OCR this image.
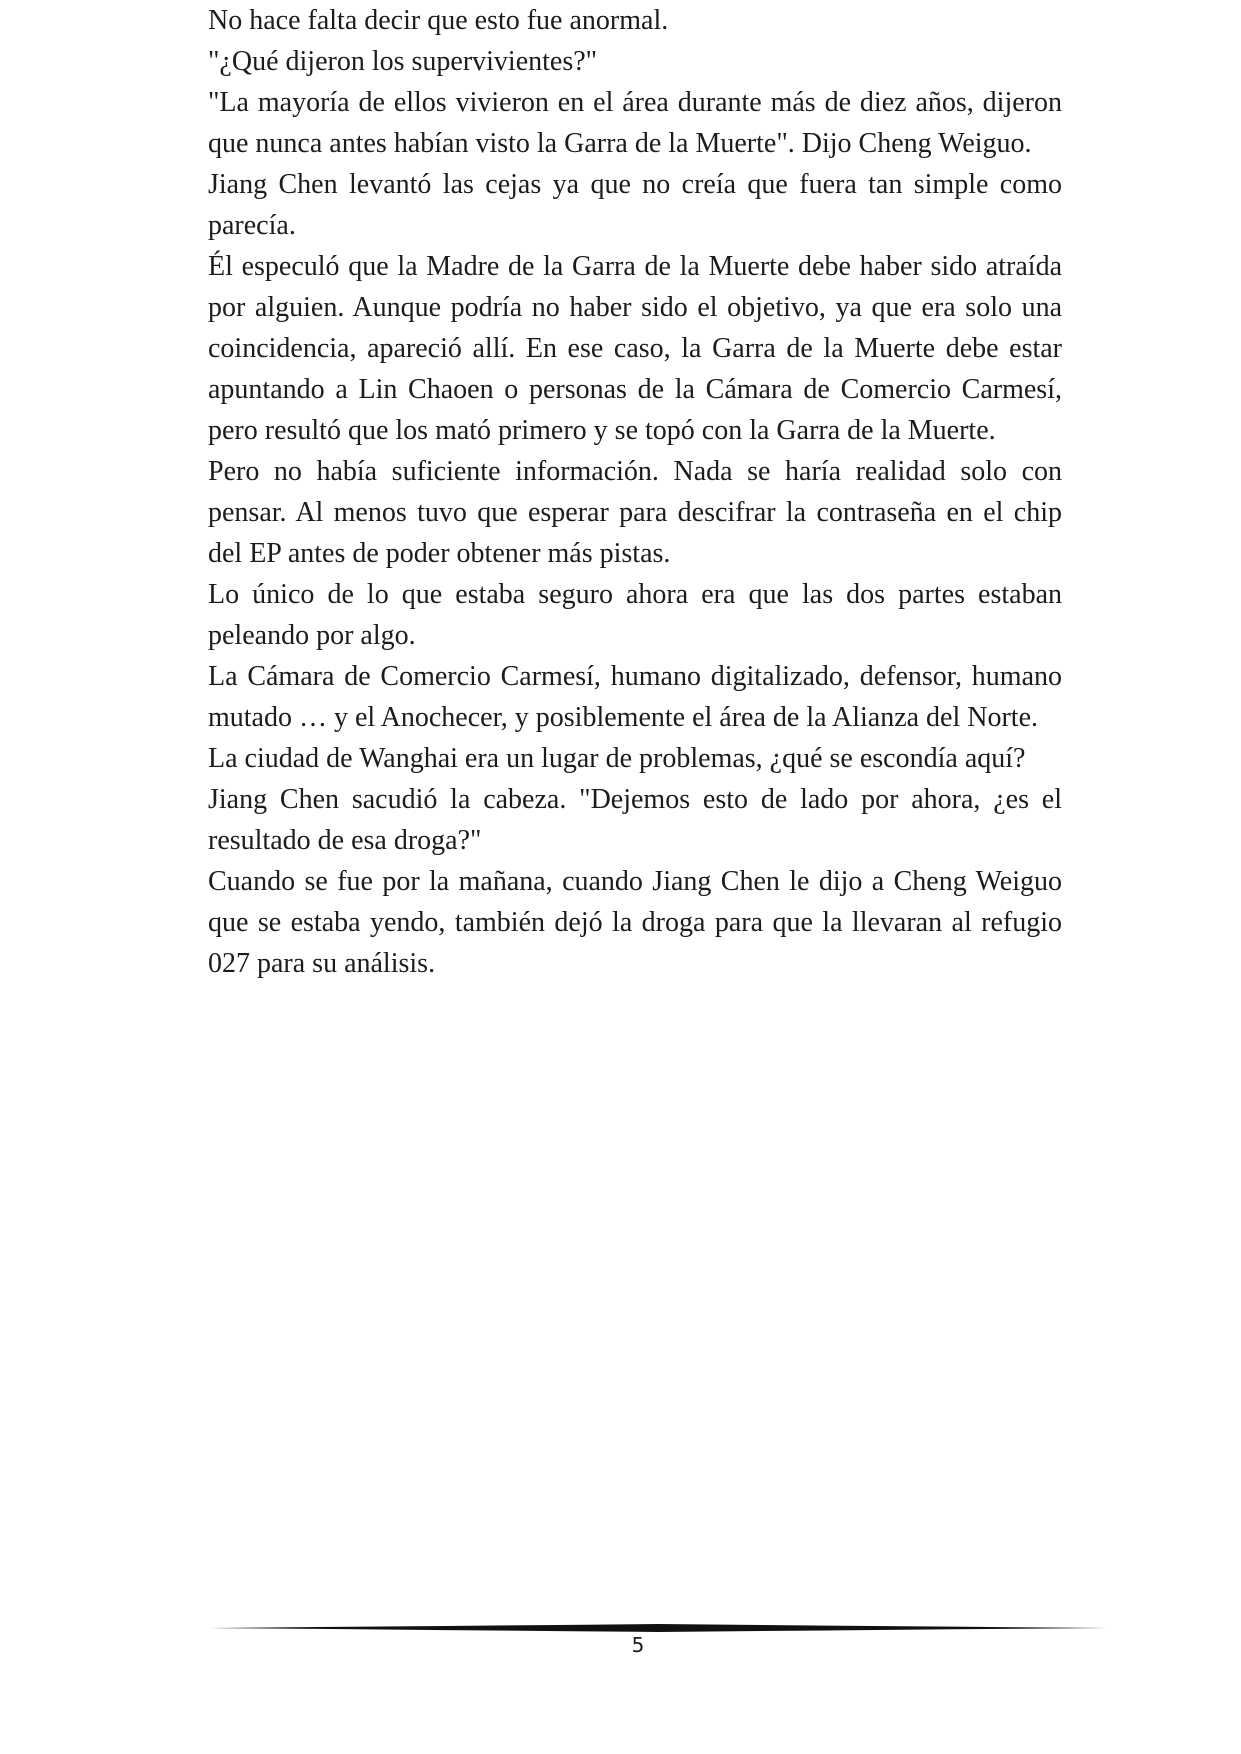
No hace falta decir que esto fue anormal.

"¿Qué dijeron los supervivientes?"

"La mayoría de ellos vivieron en el área durante más de diez años, dijeron que nunca antes habían visto la Garra de la Muerte". Dijo Cheng Weiguo.

Jiang Chen levantó las cejas ya que no creía que fuera tan simple como parecía.

Él especuló que la Madre de la Garra de la Muerte debe haber sido atraída por alguien. Aunque podría no haber sido el objetivo, ya que era solo una coincidencia, apareció allí. En ese caso, la Garra de la Muerte debe estar apuntando a Lin Chaoen o personas de la Cámara de Comercio Carmesí, pero resultó que los mató primero y se topó con la Garra de la Muerte.

Pero no había suficiente información. Nada se haría realidad solo con pensar. Al menos tuvo que esperar para descifrar la contraseña en el chip del EP antes de poder obtener más pistas.

Lo único de lo que estaba seguro ahora era que las dos partes estaban peleando por algo.

La Cámara de Comercio Carmesí, humano digitalizado, defensor, humano mutado … y el Anochecer, y posiblemente el área de la Alianza del Norte.

La ciudad de Wanghai era un lugar de problemas, ¿qué se escondía aquí?

Jiang Chen sacudió la cabeza. "Dejemos esto de lado por ahora, ¿es el resultado de esa droga?"

Cuando se fue por la mañana, cuando Jiang Chen le dijo a Cheng Weiguo que se estaba yendo, también dejó la droga para que la llevaran al refugio 027 para su análisis.

5
